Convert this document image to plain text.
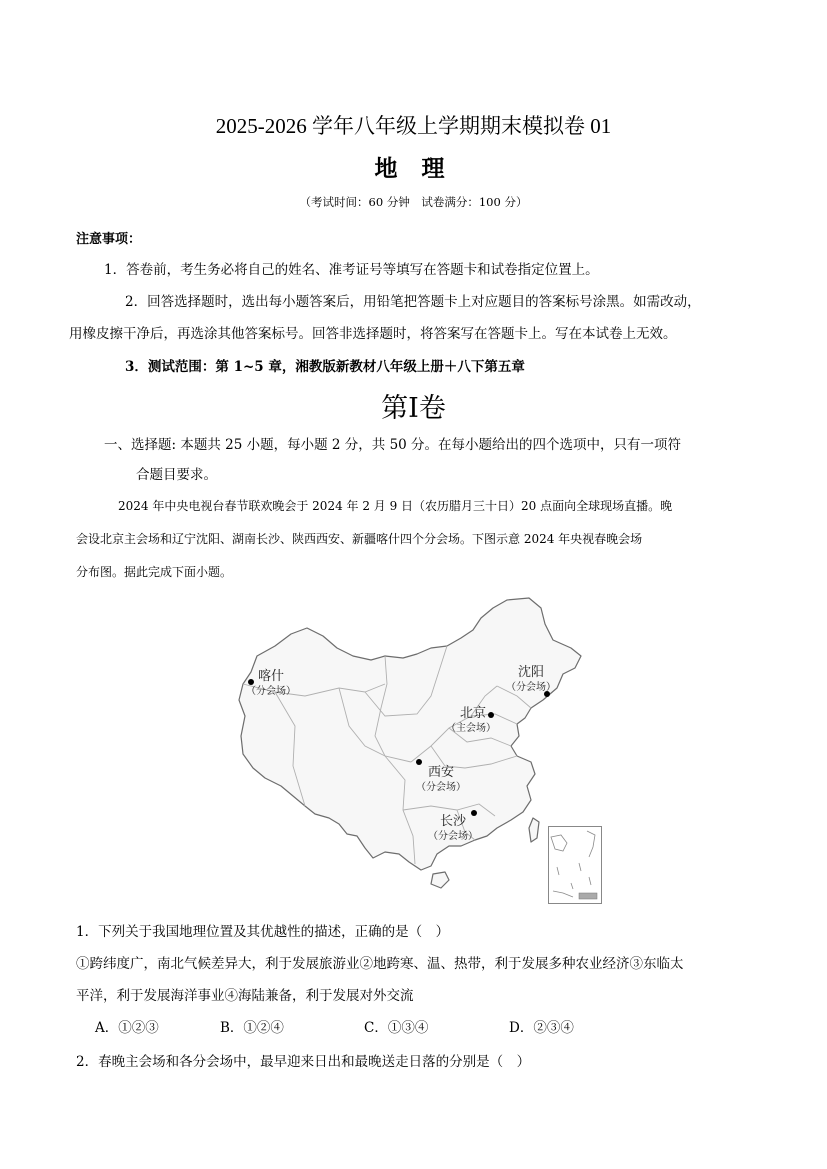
2025-2026 学年八年级上学期期末模拟卷 01
地 理
（考试时间：60 分钟　试卷满分：100 分）
注意事项：
1．答卷前，考生务必将自己的姓名、准考证号等填写在答题卡和试卷指定位置上。
2．回答选择题时，选出每小题答案后，用铅笔把答题卡上对应题目的答案标号涂黑。如需改动，
用橡皮擦干净后，再选涂其他答案标号。回答非选择题时，将答案写在答题卡上。写在本试卷上无效。
3．测试范围：第 1~5 章，湘教版新教材八年级上册＋八下第五章
第I卷
一、选择题: 本题共 25 小题，每小题 2 分，共 50 分。在每小题给出的四个选项中，只有一项符
合题目要求。
2024 年中央电视台春节联欢晚会于 2024 年 2 月 9 日（农历腊月三十日）20 点面向全球现场直播。晚
会设北京主会场和辽宁沈阳、湖南长沙、陕西西安、新疆喀什四个分会场。下图示意 2024 年央视春晚会场
分布图。据此完成下面小题。
喀什
（分会场）
沈阳
（分会场）
北京
（主会场）
西安
（分会场）
长沙
（分会场）
1．下列关于我国地理位置及其优越性的描述，正确的是（　）
①跨纬度广，南北气候差异大，利于发展旅游业②地跨寒、温、热带，利于发展多种农业经济③东临太
平洋，利于发展海洋事业④海陆兼备，利于发展对外交流
A．①②③	B．①②④	C．①③④	D．②③④
2．春晚主会场和各分会场中，最早迎来日出和最晚送走日落的分别是（　）
